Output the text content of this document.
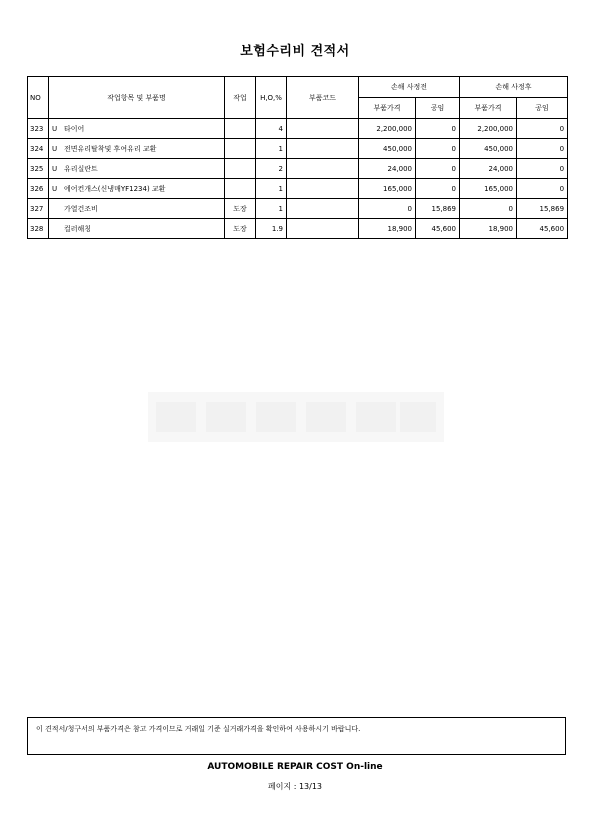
보험수리비 견적서
NO	작업항목 및 부품명	작업	H,O,%	부품코드	손해 사정전		손해 사정후	
					부품가격	공임	부품가격	공임
323	U 타이어		4		2,200,000	0	2,200,000	0
324	U 전면유리탈착및 후여유리 교환		1		450,000	0	450,000	0
325	U 유리실란트		2		24,000	0	24,000	0
326	U 에어컨개스(신냉매YF1234) 교환		1		165,000	0	165,000	0
327	가열건조비	도장	1		0	15,869	0	15,869
328	컬러해칭	도장	1.9		18,900	45,600	18,900	45,600
이 견적서/청구서의 부품가격은 참고 가격이므로 거래일 기준 실거래가격을 확인하여 사용하시기 바랍니다.
AUTOMOBILE REPAIR COST On-line
페이지 : 13/13
